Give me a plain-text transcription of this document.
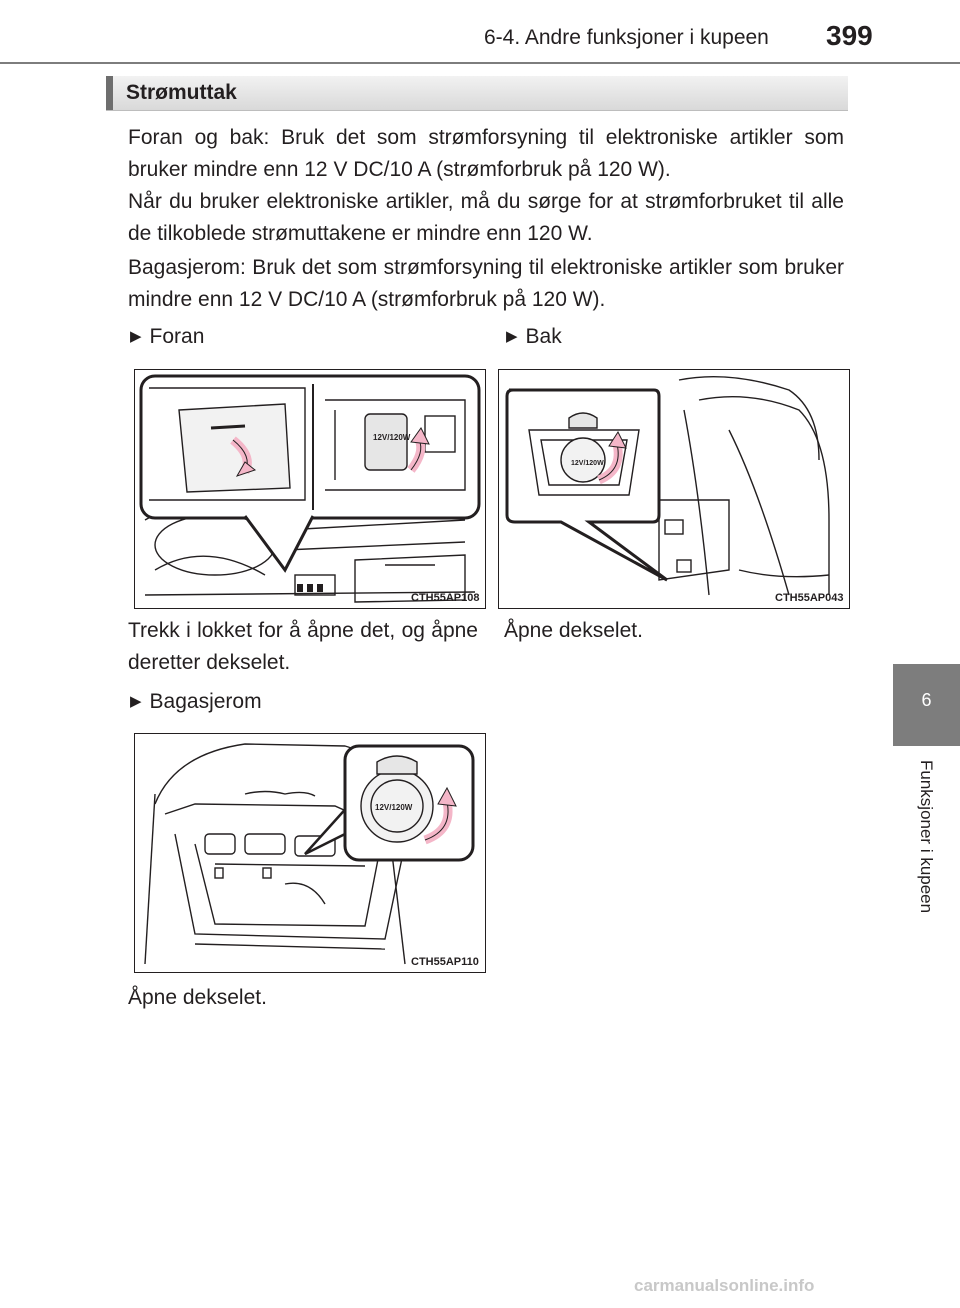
6-4. Andre funksjoner i kupeen 399
6
Funksjoner i kupeen
Strømuttak

Foran og bak: Bruk det som strømforsyning til elektroniske artikler som bruker mindre enn 12 V DC/10 A (strømforbruk på 120 W).

Når du bruker elektroniske artikler, må du sørge for at strømforbruket til alle de tilkoblede strømuttakene er mindre enn 120 W.

Bagasjerom: Bruk det som strømforsyning til elektroniske artikler som bruker mindre enn 12 V DC/10 A (strømforbruk på 120 W).

▶ Foran	▶ Bak
12V/120W
CTH55AP108
12V/120W
CTH55AP043

Trekk i lokket for å åpne det, og åpne deretter dekselet.

Åpne dekselet.

▶ Bagasjerom
12V/120W
CTH55AP110

Åpne dekselet.

carmanualsonline.info
